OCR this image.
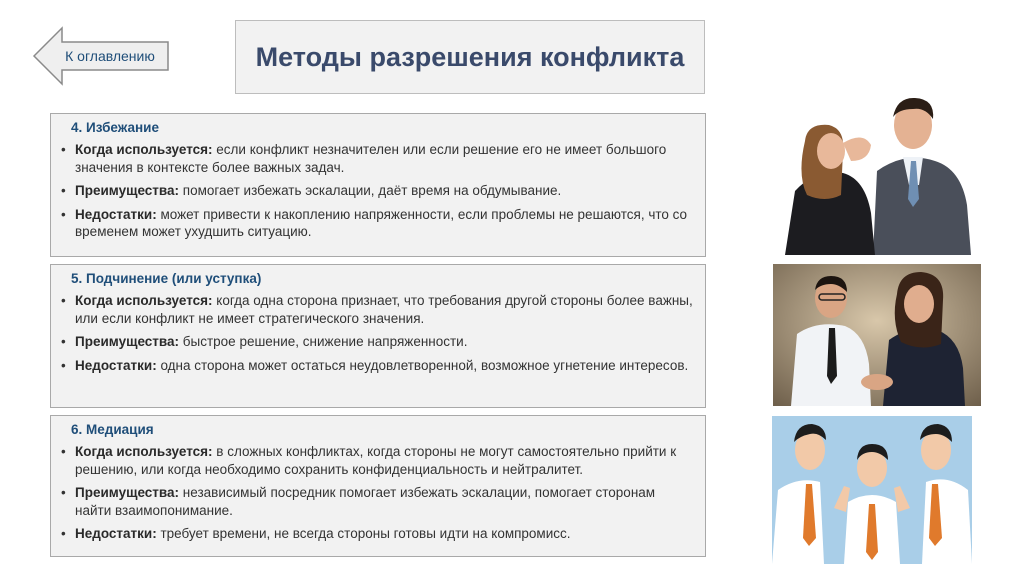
К оглавлению	Методы разрешения конфликта
4. Избежание
• Когда используется: если конфликт незначителен или если решение его не имеет большого значения в контексте более важных задач.
• Преимущества: помогает избежать эскалации, даёт время на обдумывание.
• Недостатки: может привести к накоплению напряженности, если проблемы не решаются, что со временем может ухудшить ситуацию.
5. Подчинение (или уступка)
• Когда используется: когда одна сторона признает, что требования другой стороны более важны, или если конфликт не имеет стратегического значения.
• Преимущества: быстрое решение, снижение напряженности.
• Недостатки: одна сторона может остаться неудовлетворенной, возможное угнетение интересов.
6. Медиация
• Когда используется: в сложных конфликтах, когда стороны не могут самостоятельно прийти к решению, или когда необходимо сохранить конфиденциальность и нейтралитет.
• Преимущества: независимый посредник помогает избежать эскалации, помогает сторонам найти взаимопонимание.
• Недостатки: требует времени, не всегда стороны готовы идти на компромисс.
